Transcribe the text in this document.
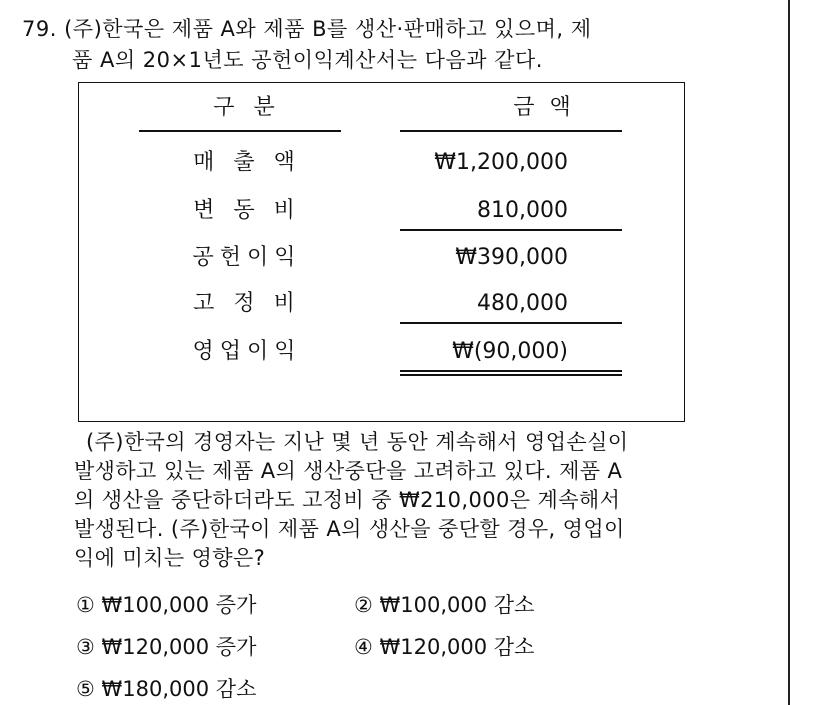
79. (주)한국은 제품 A와 제품 B를 생산·판매하고 있으며, 제
품 A의 20×1년도 공헌이익계산서는 다음과 같다.
구 분	금 액
매 출 액	₩1,200,000
변 동 비	810,000
공헌이익	₩390,000
고 정 비	480,000
영업이익	₩(90,000)
(주)한국의 경영자는 지난 몇 년 동안 계속해서 영업손실이
발생하고 있는 제품 A의 생산중단을 고려하고 있다. 제품 A
의 생산을 중단하더라도 고정비 중 ₩210,000은 계속해서
발생된다. (주)한국이 제품 A의 생산을 중단할 경우, 영업이
익에 미치는 영향은?
① ₩100,000 증가	② ₩100,000 감소
③ ₩120,000 증가	④ ₩120,000 감소
⑤ ₩180,000 감소
